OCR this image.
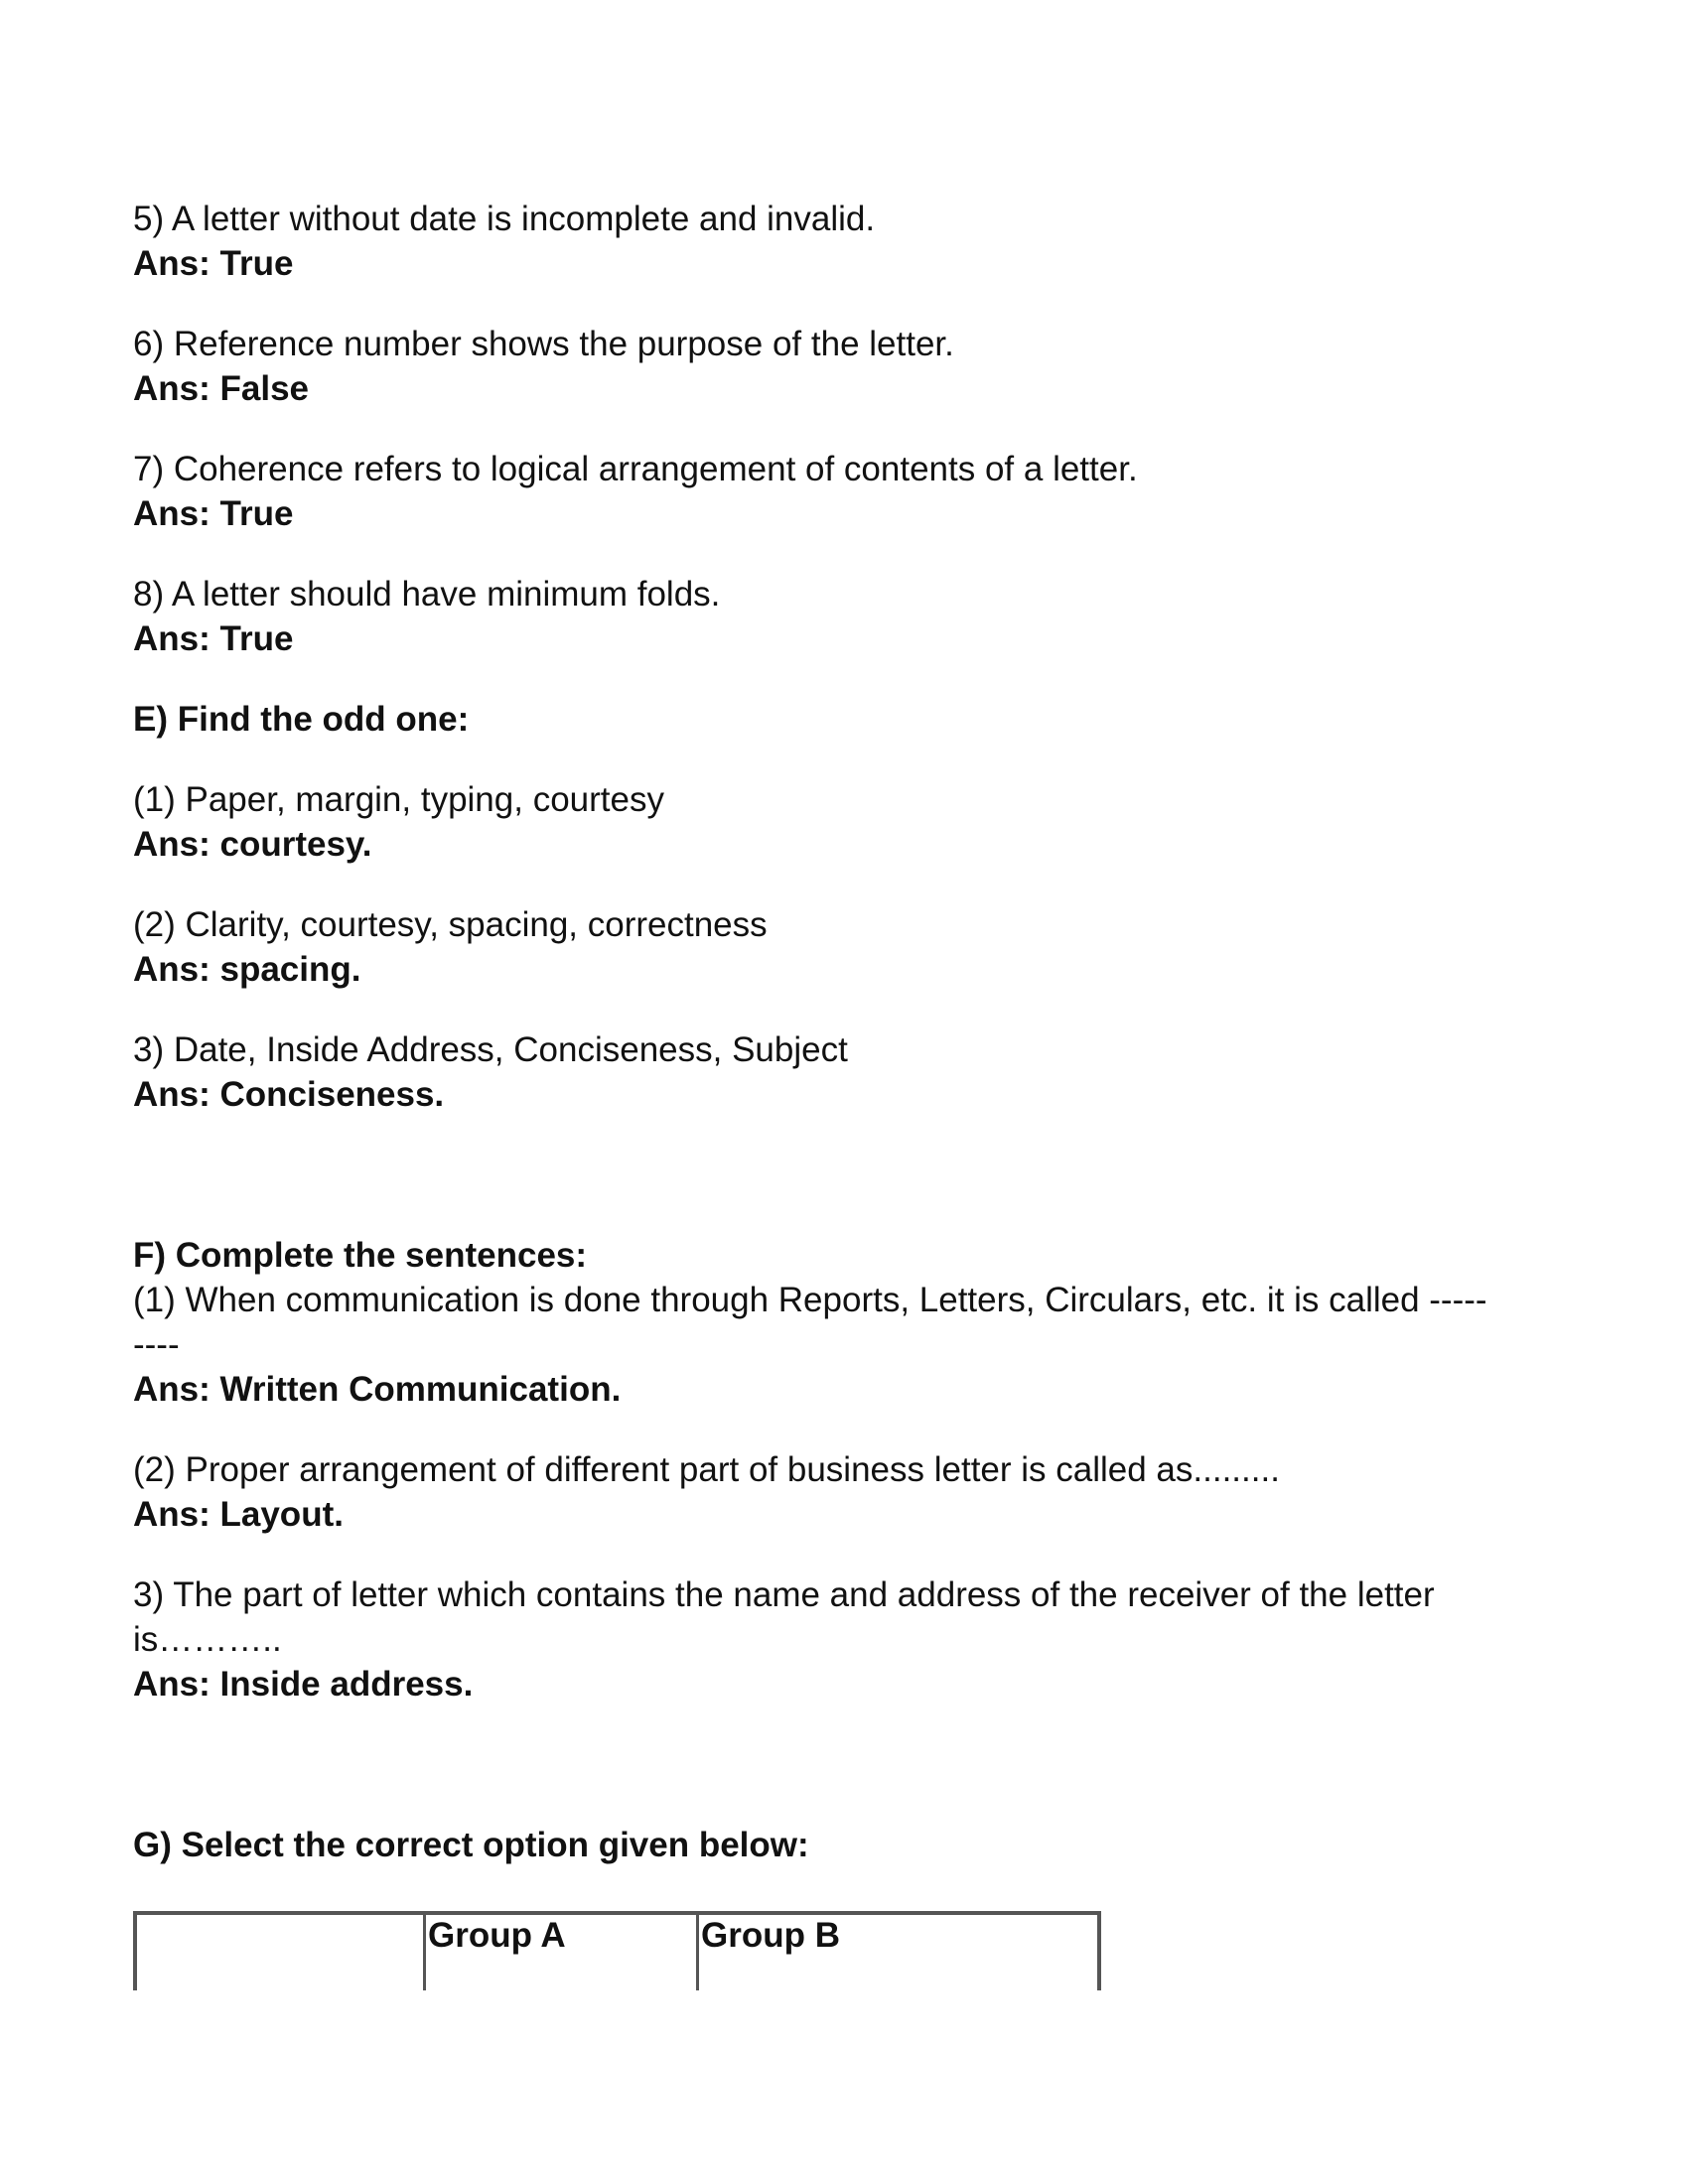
5) A letter without date is incomplete and invalid.

Ans: True

6) Reference number shows the purpose of the letter.

Ans: False

7) Coherence refers to logical arrangement of contents of a letter.

Ans: True

8) A letter should have minimum folds.

Ans: True

E) Find the odd one:

(1) Paper, margin, typing, courtesy

Ans: courtesy.

(2) Clarity, courtesy, spacing, correctness

Ans: spacing.

3) Date, Inside Address, Conciseness, Subject

Ans: Conciseness.

F) Complete the sentences:

(1) When communication is done through Reports, Letters, Circulars, etc. it is called -----

----

Ans: Written Communication.

(2) Proper arrangement of different part of business letter is called as.........

Ans: Layout.

3) The part of letter which contains the name and address of the receiver of the letter

is………..

Ans: Inside address.

G) Select the correct option given below:

	Group A	Group B
